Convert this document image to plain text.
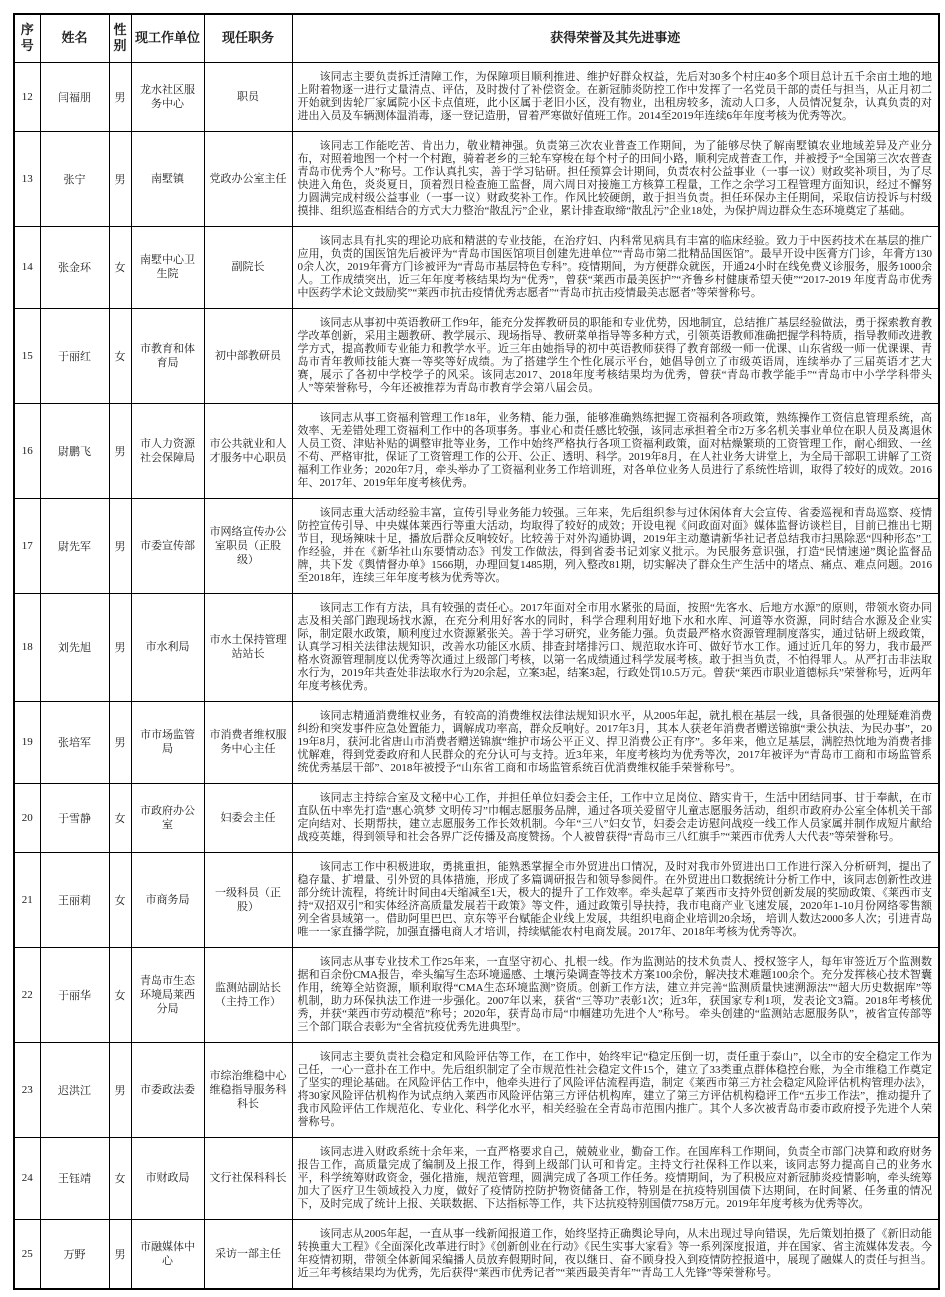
序号	姓名	性别	现工作单位	现任职务	获得荣誉及其先进事迹
12	闫福朋	男	龙水社区服务中心	职员	该同志主要负责拆迁清障工作，为保障项目顺利推进、维护好群众权益，先后对30多个村庄40多个项目总计五千余亩土地的地上附着物逐一进行丈量清点、评估，及时拨付了补偿资金。在新冠肺炎防控工作中发挥了一名党员干部的责任与担当，从正月初二开始就到齿轮厂家属院小区卡点值班，此小区属于老旧小区，没有物业，出租房较多，流动人口多，人员情况复杂，认真负责的对进出入员及车辆测体温消毒，逐一登记造册，冒着严寒做好值班工作。2014至2019年连续6年年度考核为优秀等次。
13	张宁	男	南墅镇	党政办公室主任	该同志工作能吃苦、肯出力，敬业精神强。负责第三次农业普查工作期间，为了能够尽快了解南墅镇农业地域差异及产业分布，对照着地图一个村一个村跑，骑着老乡的三轮车穿梭在每个村子的田间小路，顺利完成普查工作，并被授予“全国第三次农普查青岛市优秀个人”称号。工作认真扎实，善于学习钻研。担任预算会计期间，负责农村公益事业（一事一议）财政奖补项目，为了尽快进入角色，炎炎夏日，顶着烈日检查施工监督，周六周日对接施工方核算工程量，工作之余学习工程管理方面知识，经过不懈努力圆满完成村级公益事业（一事一议）财政奖补工作。作风比较硬朗，敢于担当负责。担任环保办主任期间，采取信访投诉与村级摸排、组织巡查相结合的方式大力整治“散乱污”企业，累计排查取缔“散乱污”企业18处，为保护周边群众生态环境奠定了基础。
14	张金环	女	南墅中心卫生院	副院长	该同志具有扎实的理论功底和精湛的专业技能，在治疗妇、内科常见病具有丰富的临床经验。致力于中医药技术在基层的推广应用，负责的国医馆先后被评为“青岛市国医馆项目创建先进单位”“青岛市第二批精品国医馆”。最早开设中医膏方门诊，年膏方1300余人次，2019年膏方门诊被评为“青岛市基层特色专科”。疫情期间，为方便群众就医，开通24小时在线免费义诊服务，服务1000余人。工作成绩突出，近三年年度考核结果均为“优秀”，曾获“莱西市最美医护”“齐鲁乡村健康希望天使”“2017-2019 年度青岛市优秀中医药学术论文鼓励奖”“莱西市抗击疫情优秀志愿者”“青岛市抗击疫情最美志愿者”等荣誉称号。
15	于丽红	女	市教育和体育局	初中部教研员	该同志从事初中英语教研工作9年，能充分发挥教研员的职能和专业优势，因地制宜，总结推广基层经验做法，勇于探索教育教学改革创新，采用主题教研、教学展示、现场指导、教研菜单指导等多种方式，引领英语教师准确把握学科特质，指导教师改进教学方式，提高教师专业能力和教学水平。近三年由她指导的初中英语教师获得了教育部级一师一优课、山东省级一师一优课课、青岛市青年教师技能大赛一等奖等好成绩。为了搭建学生个性化展示平台，她倡导创立了市级英语周，连续举办了三届英语才艺大赛，展示了各初中学校学子的风采。该同志2017、2018年度考核结果均为优秀，曾获“青岛市教学能手”“青岛市中小学学科带头人”等荣誉称号，今年还被推荐为青岛市教育学会第八届会员。
16	尉鹏飞	男	市人力资源社会保障局	市公共就业和人才服务中心职员	该同志从事工资福利管理工作18年，业务精、能力强，能够准确熟练把握工资福利各项政策，熟练操作工资信息管理系统，高效率、无差错处理工资福利工作中的各项事务。事业心和责任感比较强，该同志承担着全市2万多名机关事业单位在职人员及离退休人员工资、津贴补贴的调整审批等业务，工作中始终严格执行各项工资福利政策，面对枯燥繁琐的工资管理工作，耐心细致、一丝不苟、严格审批，保证了工资管理工作的公开、公正、透明、科学。2019年8月，在人社业务大讲堂上，为全局干部职工讲解了工资福利工作业务；2020年7月，牵头举办了工资福利业务工作培训班，对各单位业务人员进行了系统性培训，取得了较好的成效。2016年、2017年、2019年年度考核优秀。
17	尉先军	男	市委宣传部	市网络宣传办公室职员（正股级）	该同志重大活动经验丰富，宣传引导业务能力较强。三年来，先后组织参与过休闲体育大会宣传、省委巡视和青岛巡察、疫情防控宣传引导、中央媒体莱西行等重大活动，均取得了较好的成效；开设电视《问政面对面》媒体监督访谈栏目，目前已推出七期节目，现场辣味十足，播放后群众反响较好。比较善于对外沟通协调，2019年主动邀请新华社记者总结我市扫黑除恶“四种形态”工作经验，并在《新华社山东要情动态》刊发工作做法，得到省委书记刘家义批示。为民服务意识强，打造“民情速递”舆论监督品牌，共下发《舆情督办单》1566期，办理回复1485期，列入整改81期，切实解决了群众生产生活中的堵点、痛点、难点问题。2016至2018年，连续三年年度考核为优秀等次。
18	刘先旭	男	市水利局	市水土保持管理站站长	该同志工作有方法，具有较强的责任心。2017年面对全市用水紧张的局面，按照“先客水、后地方水源”的原则，带领水资办同志及相关部门跑现场找水源，在充分利用好客水的同时，科学合理利用好地下水和水库、河道等水资源，同时结合水源及企业实际，制定限水政策，顺利度过水资源紧张关。善于学习研究，业务能力强。负责最严格水资源管理制度落实，通过钻研上级政策，认真学习相关法律法规知识，改善水功能区水质、排查封堵排污口、规范取水许可、做好节水工作。通过近几年的努力，我市最严格水资源管理制度以优秀等次通过上级部门考核，以第一名成绩通过科学发展考核。敢于担当负责，不怕得罪人。从严打击非法取水行为，2019年共查处非法取水行为20余起，立案3起，结案3起，行政处罚10.5万元。曾获“莱西市职业道德标兵”荣誉称号，近两年年度考核优秀。
19	张培军	男	市市场监管局	市消费者维权服务中心主任	该同志精通消费维权业务，有较高的消费维权法律法规知识水平，从2005年起，就扎根在基层一线，具备很强的处理疑难消费纠纷和突发事件应急处置能力，调解成功率高，群众反响好。2017年3月，其本人获老年消费者赠送锦旗“秉公执法、为民办事”，2019年8月，获河北省唐山市消费者赠送锦旗“维护市场公平正义、捍卫消费公正有序”。多年来，他立足基层，满腔热忱地为消费者排忧解难，得到党委政府和人民群众的充分认可与支持。近3年来，年度考核均为优秀等次，2017年被评为“青岛市工商和市场监管系统优秀基层干部”、2018年被授予“山东省工商和市场监管系统百优消费维权能手荣誉称号”。
20	于雪静	女	市政府办公室	妇委会主任	该同志主持综合室及文秘中心工作，并担任单位妇委会主任，工作中立足岗位、踏实肯干，生活中团结同事、甘于奉献，在市直队伍中率先打造“惠心筑梦 文明传习”巾帼志愿服务品牌，通过各项关爱留守儿童志愿服务活动，组织市政府办公室全体机关干部定向结对、长期帮扶，建立志愿服务工作长效机制。今年“三八”妇女节，妇委会走访慰问战疫一线工作人员家属并制作成短片献给战疫英雄，得到领导和社会各界广泛传播及高度赞扬。个人被曾获得“青岛市三八红旗手”“莱西市优秀人大代表”等荣誉称号。
21	王丽莉	女	市商务局	一级科员（正股）	该同志工作中积极进取，勇挑重担，能熟悉掌握全市外贸进出口情况，及时对我市外贸进出口工作进行深入分析研判，提出了稳存量、扩增量、引外贸的具体措施，形成了多篇调研报告和领导参阅件。在外贸进出口数据统计分析工作中，该同志创新性改进部分统计流程，将统计时间由4天缩减至1天，极大的提升了工作效率。牵头起草了莱西市支持外贸创新发展的奖励政策、《莱西市支持“双招双引”和实体经济高质量发展若干政策》等文件，通过政策引导扶持，我市电商产业飞速发展，2020年1-10月份网络零售额列全省县域第一。借助阿里巴巴、京东等平台赋能企业线上发展，共组织电商企业培训20余场， 培训人数达2000多人次；引进青岛唯一一家直播学院，加强直播电商人才培训，持续赋能农村电商发展。2017年、2018年考核为优秀等次。
22	于丽华	女	青岛市生态环境局莱西分局	监测站副站长（主持工作）	该同志从事专业技术工作25年来，一直坚守初心、扎根一线。作为监测站的技术负责人、授权签字人，每年审签近万个监测数据和百余份CMA报告，牵头编写生态环境遥感、土壤污染调查等技术方案100余份，解决技术难题100余个。充分发挥核心技术智囊作用，统筹全站资源，顺利取得“CMA生态环境监测”资质。创新工作方法，建立并完善“监测质量快速溯源法”“超大历史数据库”等机制，助力环保执法工作进一步强化。2007年以来，获省“三等功”表彰1次；近3年，获国家专利1项，发表论文3篇。2018年考核优秀，并获“莱西市劳动模范”称号；2020年，获青岛市局“巾帼建功先进个人”称号。 牵头创建的“监测站志愿服务队”，被省宣传部等三个部门联合表彰为“全省抗疫优秀先进典型”。
23	迟洪江	男	市委政法委	市综治维稳中心维稳指导服务科科长	该同志主要负责社会稳定和风险评估等工作，在工作中，始终牢记“稳定压倒一切，责任重于泰山”，以全市的安全稳定工作为己任，一心一意扑在工作中。先后组织制定了全市规范性社会稳定文件15个，建立了33类重点群体稳控台账，为全市维稳工作奠定了坚实的理论基础。在风险评估工作中，他牵头进行了风险评估流程再造，制定《莱西市第三方社会稳定风险评估机构管理办法》，将30家风险评估机构作为试点纳入莱西市风险评估第三方评估机构库，建立了第三方评估机构稳评工作“五步工作法”，推动提升了我市风险评估工作规范化、专业化、科学化水平，相关经验在全青岛市范围内推广。其个人多次被青岛市委市政府授予先进个人荣誉称号。
24	王钰靖	女	市财政局	文行社保科科长	该同志进入财政系统十余年来，一直严格要求自己，兢兢业业，勤奋工作。在国库科工作期间，负责全市部门决算和政府财务报告工作，高质量完成了编制及上报工作，得到上级部门认可和肯定。主持文行社保科工作以来，该同志努力提高自己的业务水平，科学统筹财政资金，强化措施，规范管理，圆满完成了各项工作任务。疫情期间，为了积极应对新冠肺炎疫情影响，牵头统筹加大了医疗卫生领域投入力度，做好了疫情防控防护物资储备工作，特别是在抗疫特别国债下达期间，在时间紧、任务重的情况下，及时完成了统计上报、关联数据、下达指标等工作，共下达抗疫特别国债7758万元。2019年年度考核为优秀等次。
25	万野	男	市融媒体中心	采访一部主任	该同志从2005年起，一直从事一线新闻报道工作，始终坚持正确舆论导向，从未出现过导向错误，先后策划拍摄了《新旧动能转换重大工程》《全面深化改革进行时》《创新创业在行动》《民生实事大家看》等一系列深度报道，并在国家、省主流媒体发表。今年疫情初期，带领全体新闻采编播人员放弃假期时间，夜以继日、奋不顾身投入到疫情防控报道中，展现了融媒人的责任与担当。近三年考核结果均为优秀，先后获得“莱西市优秀记者”“莱西最美青年”“青岛工人先锋”等荣誉称号。
